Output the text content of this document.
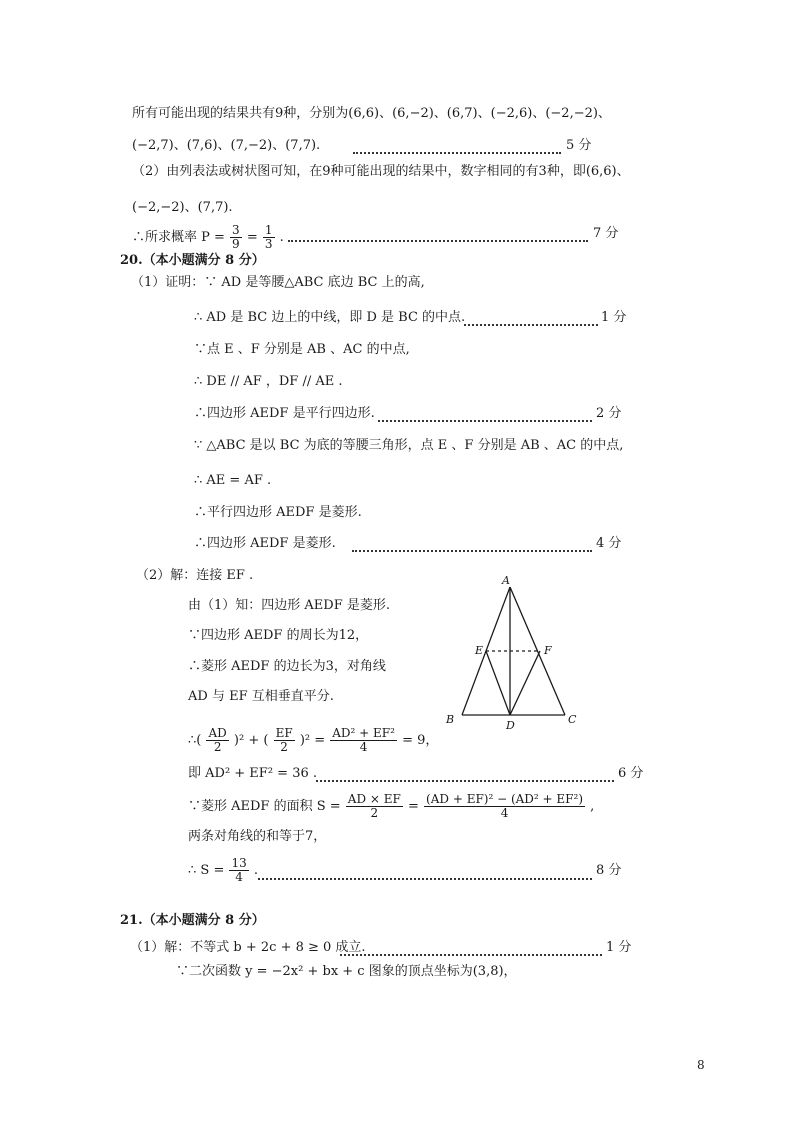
所有可能出现的结果共有9种，分别为(6,6)、(6,−2)、(6,7)、(−2,6)、(−2,−2)、
(−2,7)、(7,6)、(7,−2)、(7,7).	5 分
（2）由列表法或树状图可知，在9种可能出现的结果中，数字相同的有3种，即(6,6)、
(−2,−2)、(7,7).
∴所求概率 $P = \frac{3}{9} = \frac{1}{3}$ .	7 分
20.（本小题满分 8 分）
（1）证明：∵ AD 是等腰△ABC 底边 BC 上的高,
∴ AD 是 BC 边上的中线，即 D 是 BC 的中点.	1 分
∵点 E 、F 分别是 AB 、AC 的中点,
∴ DE // AF ，DF // AE .
∴四边形 AEDF 是平行四边形.	2 分
∵ △ABC 是以 BC 为底的等腰三角形，点 E 、F 分别是 AB 、AC 的中点,
∴ AE = AF .
∴平行四边形 AEDF 是菱形.
∴四边形 AEDF 是菱形.	4 分
（2）解：连接 EF .
由（1）知：四边形 AEDF 是菱形.
∵四边形 AEDF 的周长为12，
∴菱形 AEDF 的边长为3，对角线
AD 与 EF 互相垂直平分.
A
B	C
D
E	F
∴( $\frac{AD}{2} )^2$ + ( $\frac{EF}{2} )^2 = \frac{\text{AD² + EF²}}{4} = 9$，
即 AD² + EF² = 36 .	6 分
∵菱形 AEDF 的面积 $S = \frac{AD \times EF}{2} = \frac{\text{(AD + EF)² − (AD² + EF²)}}{4}$ ,
两条对角线的和等于7，
∴ $S = \frac{13}{4}$ .	8 分
21.（本小题满分 8 分）
（1）解：不等式 b + 2c + 8 ≥ 0 成立.	1 分
∵二次函数 y = −2x² + bx + c 图象的顶点坐标为(3,8)，
8
